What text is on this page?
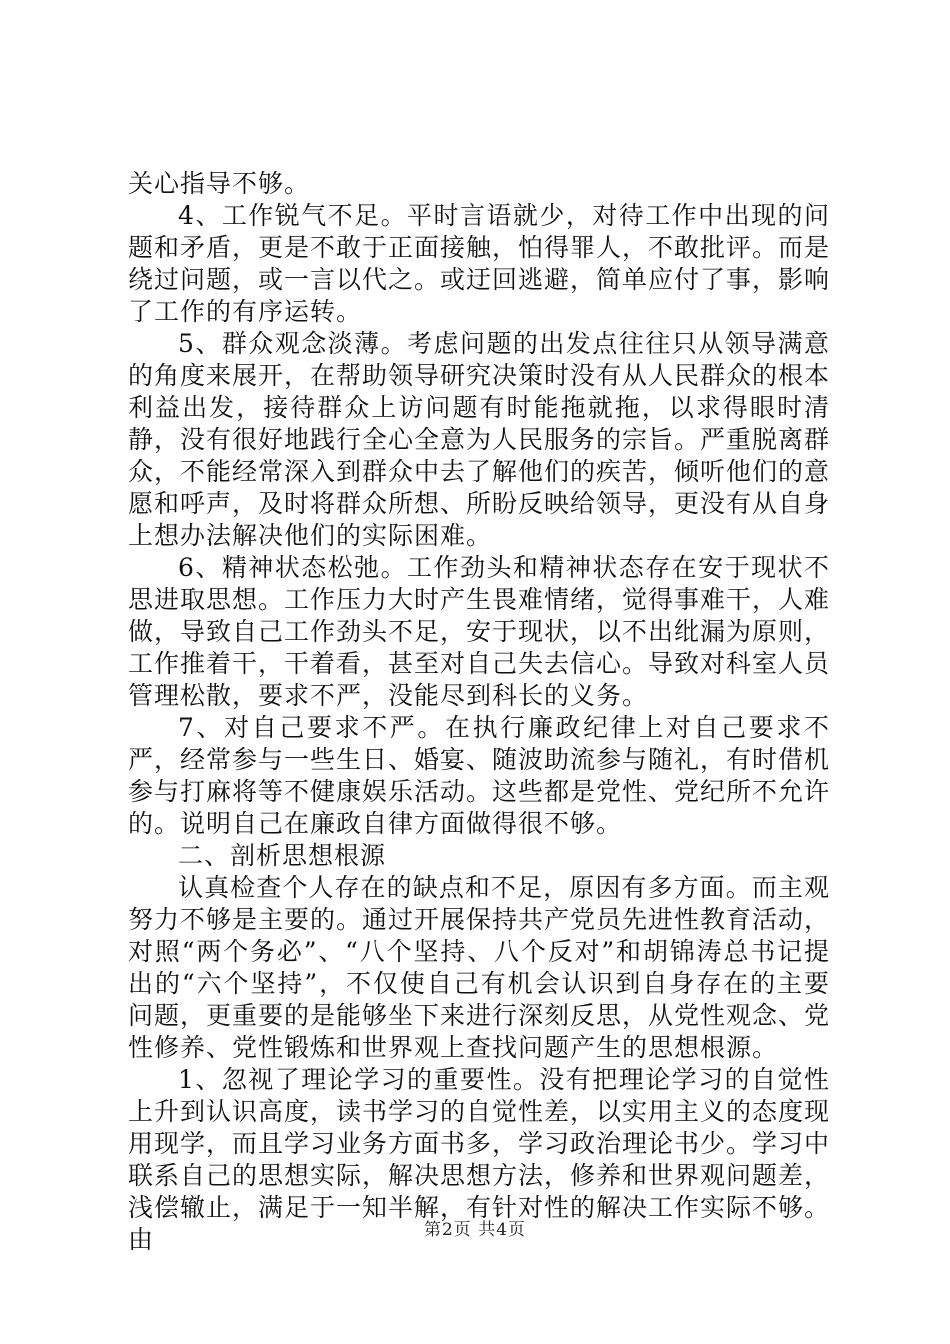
关心指导不够。

4、工作锐气不足。平时言语就少，对待工作中出现的问题和矛盾，更是不敢于正面接触，怕得罪人，不敢批评。而是绕过问题，或一言以代之。或迂回逃避，简单应付了事，影响了工作的有序运转。

5、群众观念淡薄。考虑问题的出发点往往只从领导满意的角度来展开，在帮助领导研究决策时没有从人民群众的根本利益出发，接待群众上访问题有时能拖就拖，以求得眼时清静，没有很好地践行全心全意为人民服务的宗旨。严重脱离群众，不能经常深入到群众中去了解他们的疾苦，倾听他们的意愿和呼声，及时将群众所想、所盼反映给领导，更没有从自身上想办法解决他们的实际困难。

6、精神状态松弛。工作劲头和精神状态存在安于现状不思进取思想。工作压力大时产生畏难情绪，觉得事难干，人难做，导致自己工作劲头不足，安于现状，以不出纰漏为原则，工作推着干，干着看，甚至对自己失去信心。导致对科室人员管理松散，要求不严，没能尽到科长的义务。

7、对自己要求不严。在执行廉政纪律上对自己要求不严，经常参与一些生日、婚宴、随波助流参与随礼，有时借机参与打麻将等不健康娱乐活动。这些都是党性、党纪所不允许的。说明自己在廉政自律方面做得很不够。

二、剖析思想根源

认真检查个人存在的缺点和不足，原因有多方面。而主观努力不够是主要的。通过开展保持共产党员先进性教育活动，对照“两个务必”、“八个坚持、八个反对”和胡锦涛总书记提出的“六个坚持”，不仅使自己有机会认识到自身存在的主要问题，更重要的是能够坐下来进行深刻反思，从党性观念、党性修养、党性锻炼和世界观上查找问题产生的思想根源。

1、忽视了理论学习的重要性。没有把理论学习的自觉性上升到认识高度，读书学习的自觉性差，以实用主义的态度现用现学，而且学习业务方面书多，学习政治理论书少。学习中联系自己的思想实际，解决思想方法，修养和世界观问题差，浅偿辙止，满足于一知半解，有针对性的解决工作实际不够。由	第2页 共4页
